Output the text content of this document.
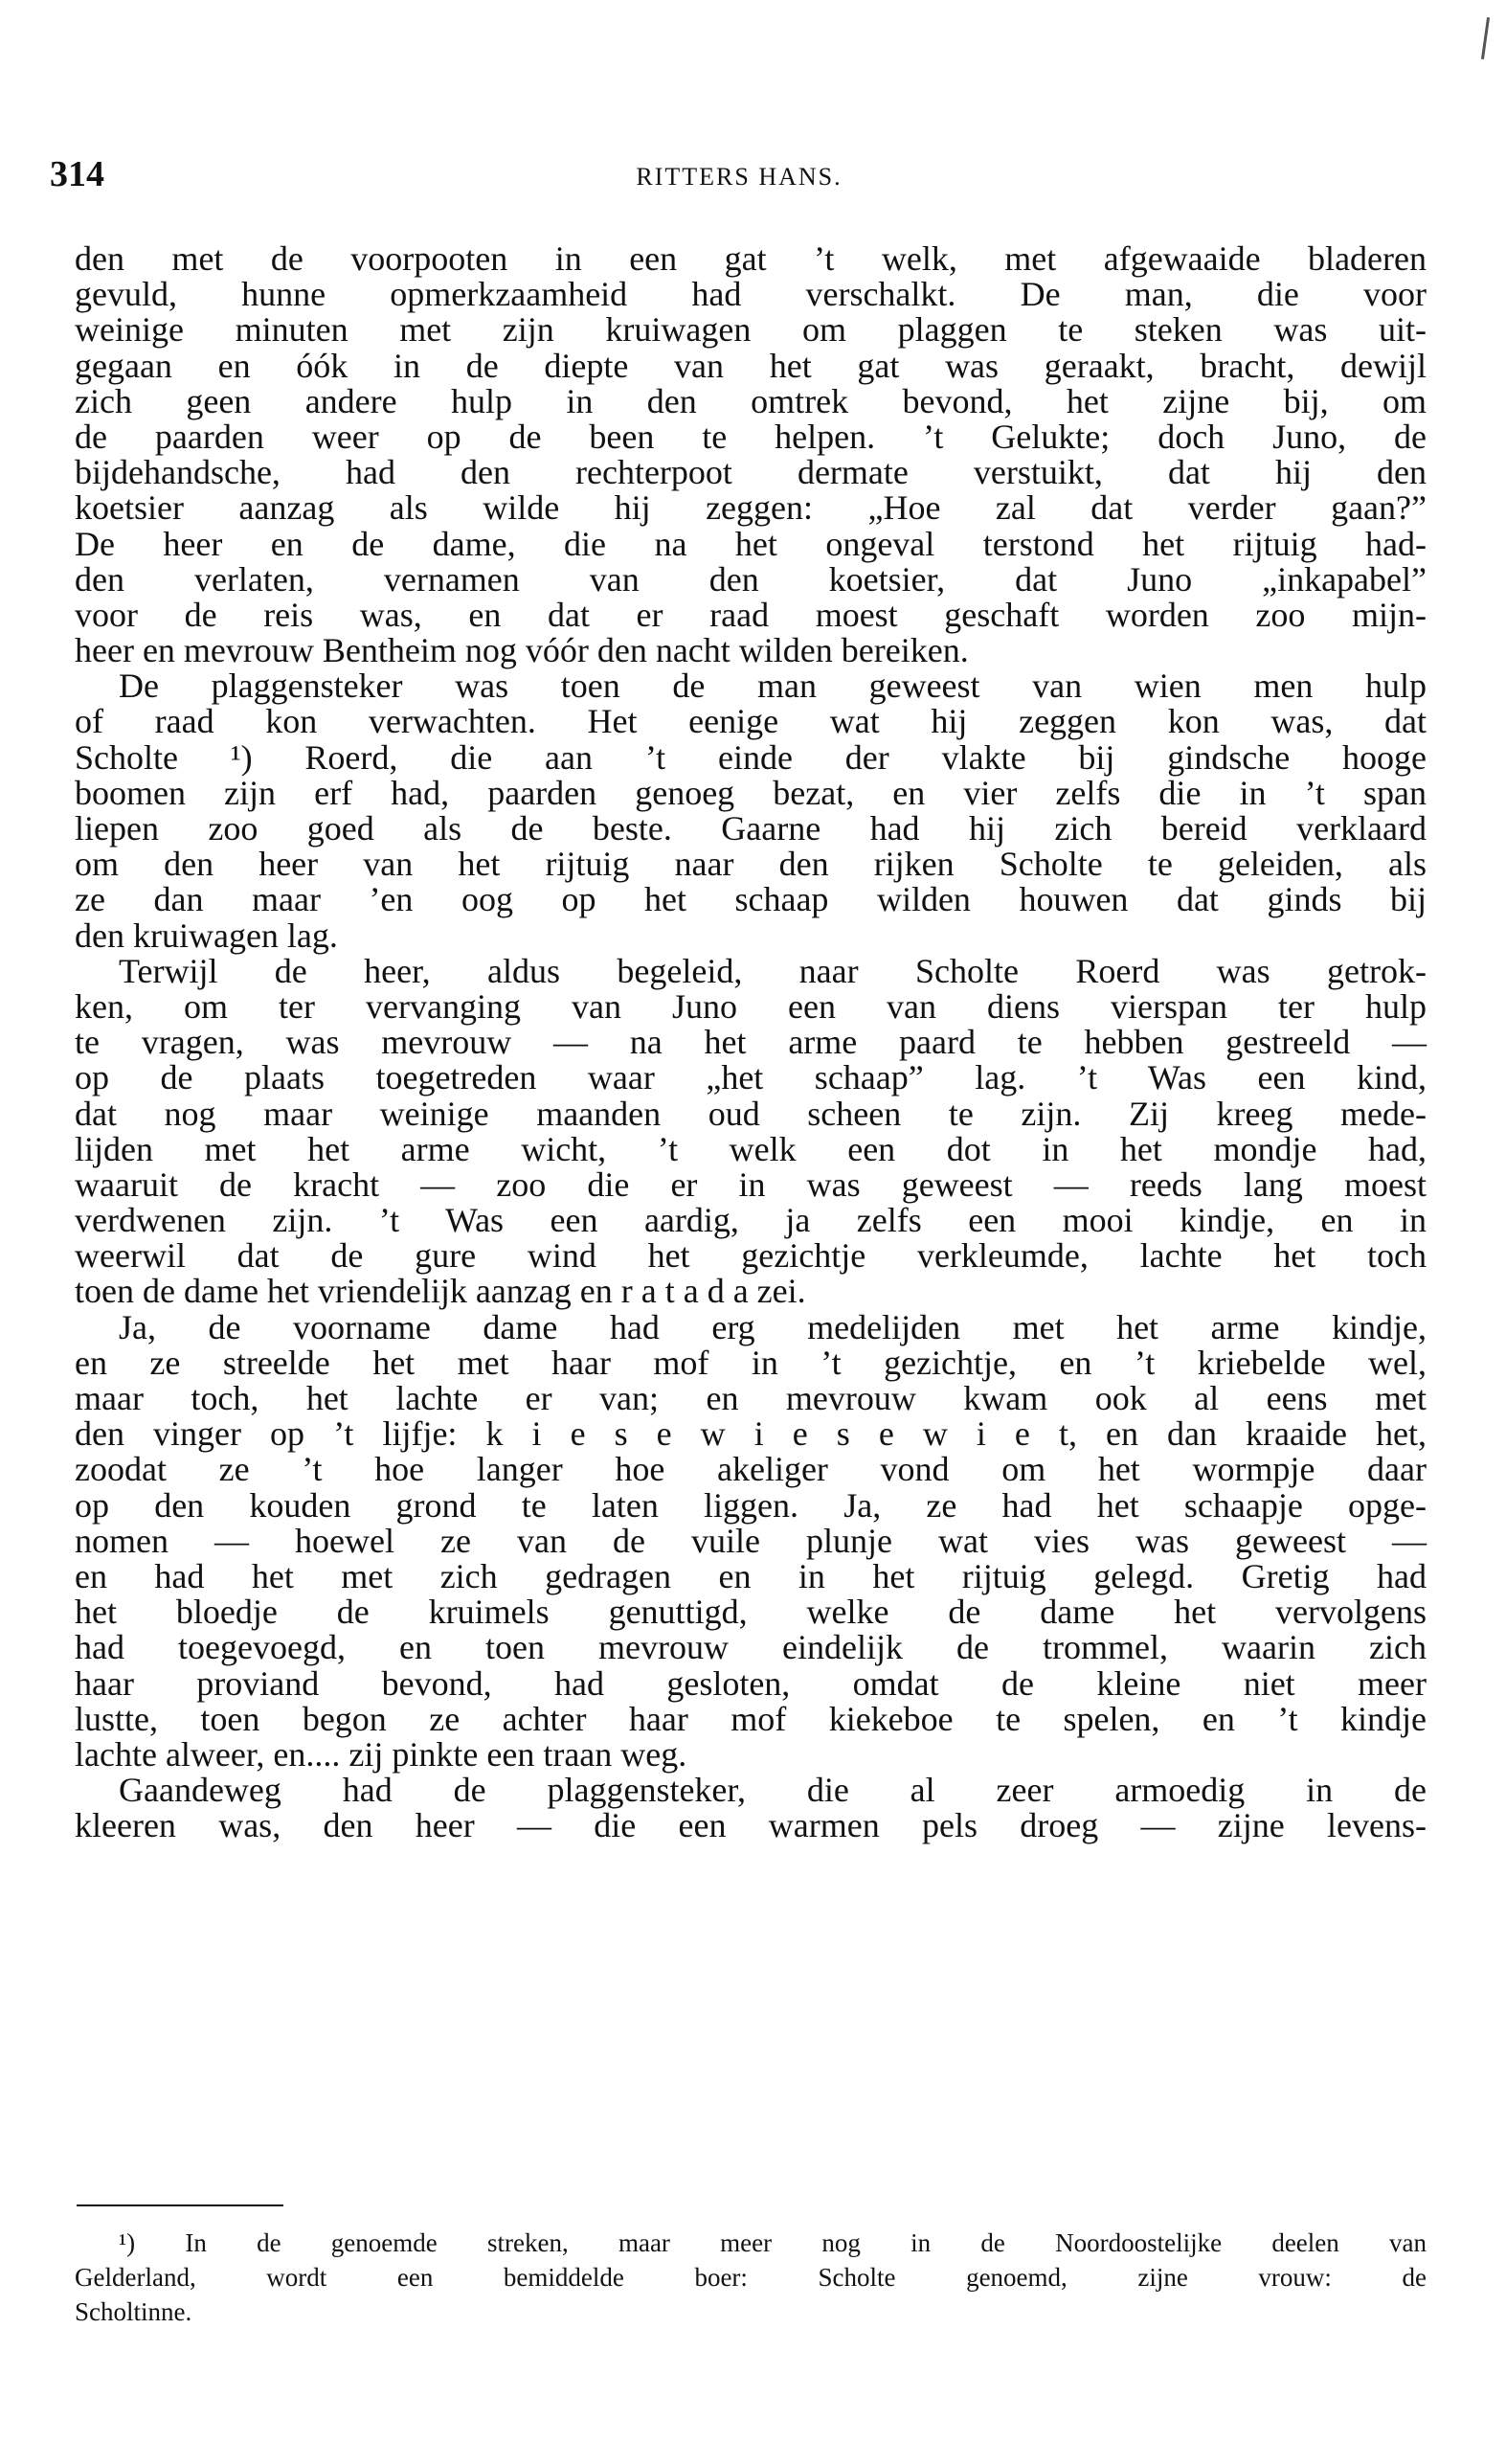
314	RITTERS HANS.
den met de voorpooten in een gat ’t welk, met afgewaaide bladeren
gevuld, hunne opmerkzaamheid had verschalkt. De man, die voor
weinige minuten met zijn kruiwagen om plaggen te steken was uit-
gegaan en óók in de diepte van het gat was geraakt, bracht, dewijl
zich geen andere hulp in den omtrek bevond, het zijne bij, om
de paarden weer op de been te helpen. ’t Gelukte; doch Juno, de
bijdehandsche, had den rechterpoot dermate verstuikt, dat hij den
koetsier aanzag als wilde hij zeggen: „Hoe zal dat verder gaan?”
De heer en de dame, die na het ongeval terstond het rijtuig had-
den verlaten, vernamen van den koetsier, dat Juno „inkapabel”
voor de reis was, en dat er raad moest geschaft worden zoo mijn-
heer en mevrouw Bentheim nog vóór den nacht wilden bereiken.
De plaggensteker was toen de man geweest van wien men hulp
of raad kon verwachten. Het eenige wat hij zeggen kon was, dat
Scholte ¹) Roerd, die aan ’t einde der vlakte bij gindsche hooge
boomen zijn erf had, paarden genoeg bezat, en vier zelfs die in ’t span
liepen zoo goed als de beste. Gaarne had hij zich bereid verklaard
om den heer van het rijtuig naar den rijken Scholte te geleiden, als
ze dan maar ’en oog op het schaap wilden houwen dat ginds bij
den kruiwagen lag.
Terwijl de heer, aldus begeleid, naar Scholte Roerd was getrok-
ken, om ter vervanging van Juno een van diens vierspan ter hulp
te vragen, was mevrouw — na het arme paard te hebben gestreeld —
op de plaats toegetreden waar „het schaap” lag. ’t Was een kind,
dat nog maar weinige maanden oud scheen te zijn. Zij kreeg mede-
lijden met het arme wicht, ’t welk een dot in het mondje had,
waaruit de kracht — zoo die er in was geweest — reeds lang moest
verdwenen zijn. ’t Was een aardig, ja zelfs een mooi kindje, en in
weerwil dat de gure wind het gezichtje verkleumde, lachte het toch
toen de dame het vriendelijk aanzag en r a t a d a zei.
Ja, de voorname dame had erg medelijden met het arme kindje,
en ze streelde het met haar mof in ’t gezichtje, en ’t kriebelde wel,
maar toch, het lachte er van; en mevrouw kwam ook al eens met
den vinger op ’t lijfje: k i e s e w i e s e w i e t, en dan kraaide het,
zoodat ze ’t hoe langer hoe akeliger vond om het wormpje daar
op den kouden grond te laten liggen. Ja, ze had het schaapje opge-
nomen — hoewel ze van de vuile plunje wat vies was geweest —
en had het met zich gedragen en in het rijtuig gelegd. Gretig had
het bloedje de kruimels genuttigd, welke de dame het vervolgens
had toegevoegd, en toen mevrouw eindelijk de trommel, waarin zich
haar proviand bevond, had gesloten, omdat de kleine niet meer
lustte, toen begon ze achter haar mof kiekeboe te spelen, en ’t kindje
lachte alweer, en.... zij pinkte een traan weg.
Gaandeweg had de plaggensteker, die al zeer armoedig in de
kleeren was, den heer — die een warmen pels droeg — zijne levens-
¹) In de genoemde streken, maar meer nog in de Noordoostelijke deelen van
Gelderland, wordt een bemiddelde boer: Scholte genoemd, zijne vrouw: de
Scholtinne.
